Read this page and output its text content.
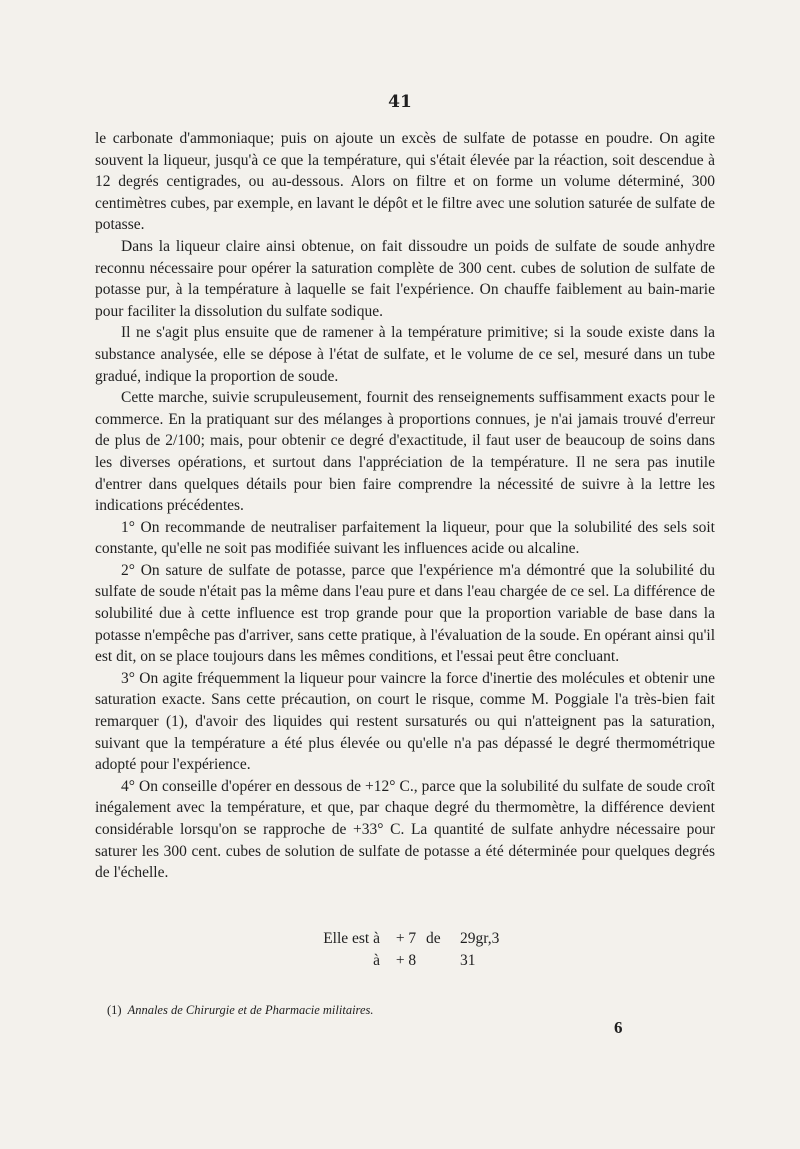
41

le carbonate d'ammoniaque; puis on ajoute un excès de sulfate de potasse en poudre. On agite souvent la liqueur, jusqu'à ce que la température, qui s'était élevée par la réaction, soit descendue à 12 degrés centigrades, ou au-dessous. Alors on filtre et on forme un volume déterminé, 300 centimètres cubes, par exemple, en lavant le dépôt et le filtre avec une solution saturée de sulfate de potasse.

Dans la liqueur claire ainsi obtenue, on fait dissoudre un poids de sulfate de soude anhydre reconnu nécessaire pour opérer la saturation complète de 300 cent. cubes de solution de sulfate de potasse pur, à la température à laquelle se fait l'expérience. On chauffe faiblement au bain-marie pour faciliter la dissolution du sulfate sodique.

Il ne s'agit plus ensuite que de ramener à la température primitive; si la soude existe dans la substance analysée, elle se dépose à l'état de sulfate, et le volume de ce sel, mesuré dans un tube gradué, indique la proportion de soude.

Cette marche, suivie scrupuleusement, fournit des renseignements suffisamment exacts pour le commerce. En la pratiquant sur des mélanges à proportions connues, je n'ai jamais trouvé d'erreur de plus de 2/100; mais, pour obtenir ce degré d'exactitude, il faut user de beaucoup de soins dans les diverses opérations, et surtout dans l'appréciation de la température. Il ne sera pas inutile d'entrer dans quelques détails pour bien faire comprendre la nécessité de suivre à la lettre les indications précédentes.

1° On recommande de neutraliser parfaitement la liqueur, pour que la solubilité des sels soit constante, qu'elle ne soit pas modifiée suivant les influences acide ou alcaline.

2° On sature de sulfate de potasse, parce que l'expérience m'a démontré que la solubilité du sulfate de soude n'était pas la même dans l'eau pure et dans l'eau chargée de ce sel. La différence de solubilité due à cette influence est trop grande pour que la proportion variable de base dans la potasse n'empêche pas d'arriver, sans cette pratique, à l'évaluation de la soude. En opérant ainsi qu'il est dit, on se place toujours dans les mêmes conditions, et l'essai peut être concluant.

3° On agite fréquemment la liqueur pour vaincre la force d'inertie des molécules et obtenir une saturation exacte. Sans cette précaution, on court le risque, comme M. Poggiale l'a très-bien fait remarquer (1), d'avoir des liquides qui restent sursaturés ou qui n'atteignent pas la saturation, suivant que la température a été plus élevée ou qu'elle n'a pas dépassé le degré thermométrique adopté pour l'expérience.

4° On conseille d'opérer en dessous de +12° C., parce que la solubilité du sulfate de soude croît inégalement avec la température, et que, par chaque degré du thermomètre, la différence devient considérable lorsqu'on se rapproche de +33° C. La quantité de sulfate anhydre nécessaire pour saturer les 300 cent. cubes de solution de sulfate de potasse a été déterminée pour quelques degrés de l'échelle.

Elle est à	+ 7 de	29gr,3
à	+ 8	31
(1) Annales de Chirurgie et de Pharmacie militaires.
6
